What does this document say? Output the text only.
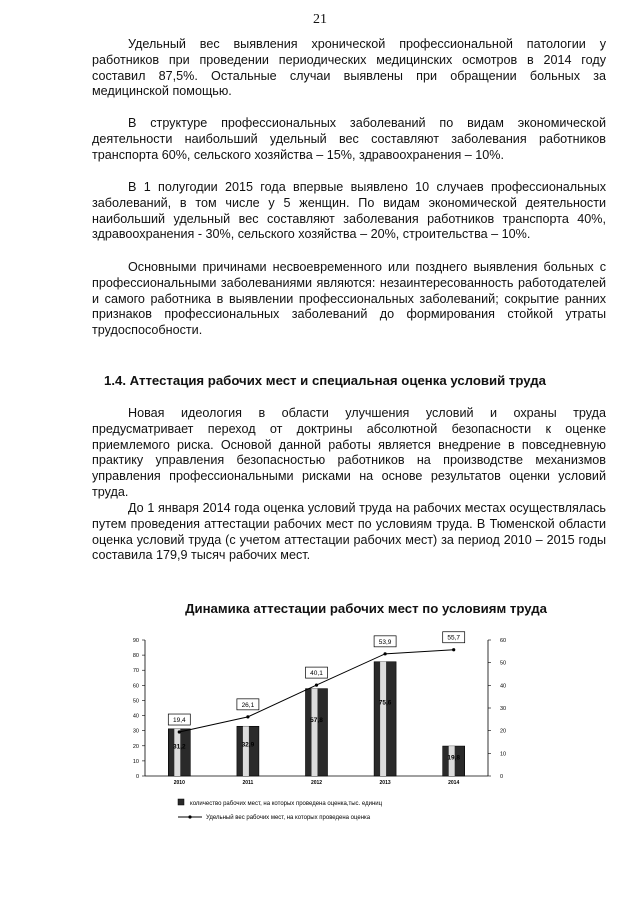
21

Удельный вес выявления хронической профессиональной патологии у работников при проведении периодических медицинских осмотров в 2014 году составил 87,5%. Остальные случаи выявлены при обращении больных за медицинской помощью.

В структуре профессиональных заболеваний по видам экономической деятельности наибольший удельный вес составляют заболевания работников транспорта 60%, сельского хозяйства – 15%, здравоохранения – 10%.

В 1 полугодии 2015 года впервые выявлено 10 случаев профессиональных заболеваний, в том числе у 5 женщин. По видам экономической деятельности наибольший удельный вес составляют заболевания работников транспорта 40%, здравоохранения - 30%, сельского хозяйства – 20%, строительства – 10%.

Основными причинами несвоевременного или позднего выявления больных с профессиональными заболеваниями являются: незаинтересованность работодателей и самого работника в выявлении профессиональных заболеваний; сокрытие ранних признаков профессиональных заболеваний до формирования стойкой утраты трудоспособности.

1.4. Аттестация рабочих мест и специальная оценка условий труда

Новая идеология в области улучшения условий и охраны труда предусматривает переход от доктрины абсолютной безопасности к оценке приемлемого риска. Основой данной работы является внедрение в повседневную практику управления безопасностью работников на производстве механизмов управления профессиональными рисками на основе результатов оценки условий труда.

До 1 января 2014 года оценка условий труда на рабочих местах осуществлялась путем проведения аттестации рабочих мест по условиям труда. В Тюменской области оценка условий труда (с учетом аттестации рабочих мест) за период 2010 – 2015 годы составила 179,9 тысяч рабочих мест.

Динамика аттестации рабочих мест по условиям труда

0
10
20
30
40
50
60
70
80
90
0
10
20
30
40
50
60
31,2
2010
32,9
2011
57,8
2012
75,6
2013
19,8
2014
19,4
26,1
40,1
53,9
55,7
количество рабочих мест, на которых проведена оценка,тыс. единиц
Удельный вес рабочих мест, на которых проведена оценка
